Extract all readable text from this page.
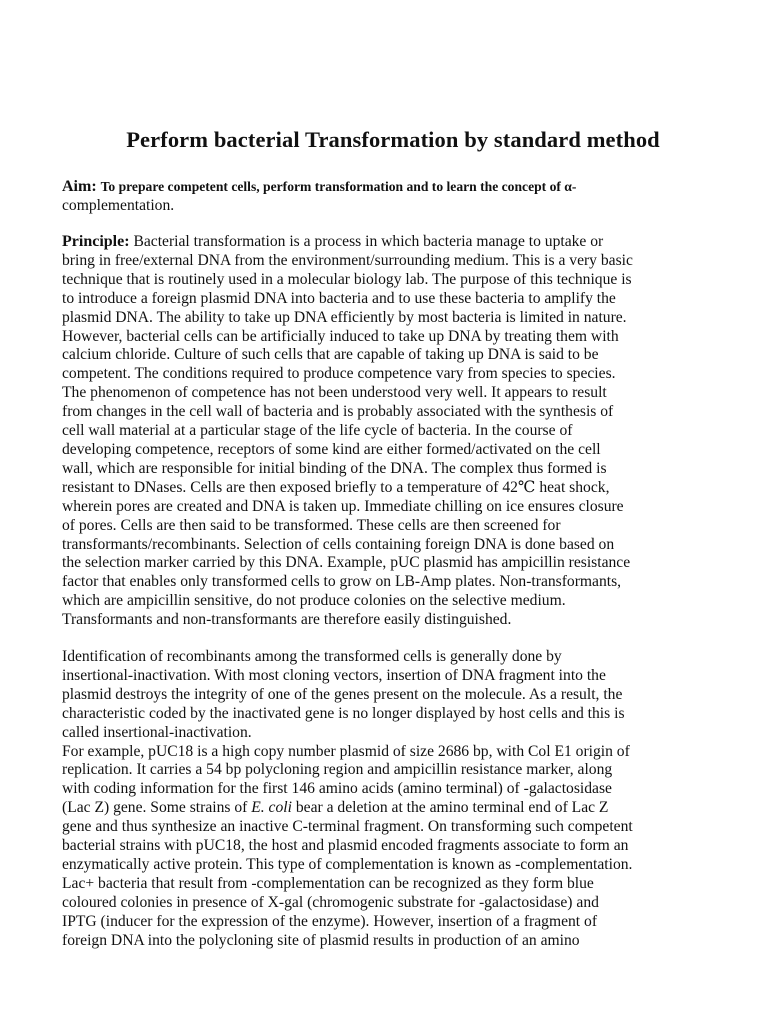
Perform bacterial Transformation by standard method
Aim: To prepare competent cells, perform transformation and to learn the concept of α-
complementation.
Principle: Bacterial transformation is a process in which bacteria manage to uptake or
bring in free/external DNA from the environment/surrounding medium. This is a very basic
technique that is routinely used in a molecular biology lab. The purpose of this technique is
to introduce a foreign plasmid DNA into bacteria and to use these bacteria to amplify the
plasmid DNA. The ability to take up DNA efficiently by most bacteria is limited in nature.
However, bacterial cells can be artificially induced to take up DNA by treating them with
calcium chloride. Culture of such cells that are capable of taking up DNA is said to be
competent. The conditions required to produce competence vary from species to species.
The phenomenon of competence has not been understood very well. It appears to result
from changes in the cell wall of bacteria and is probably associated with the synthesis of
cell wall material at a particular stage of the life cycle of bacteria. In the course of
developing competence, receptors of some kind are either formed/activated on the cell
wall, which are responsible for initial binding of the DNA. The complex thus formed is
resistant to DNases. Cells are then exposed briefly to a temperature of 42℃ heat shock,
wherein pores are created and DNA is taken up. Immediate chilling on ice ensures closure
of pores. Cells are then said to be transformed. These cells are then screened for
transformants/recombinants. Selection of cells containing foreign DNA is done based on
the selection marker carried by this DNA. Example, pUC plasmid has ampicillin resistance
factor that enables only transformed cells to grow on LB-Amp plates. Non-transformants,
which are ampicillin sensitive, do not produce colonies on the selective medium.
Transformants and non-transformants are therefore easily distinguished.
Identification of recombinants among the transformed cells is generally done by
insertional-inactivation. With most cloning vectors, insertion of DNA fragment into the
plasmid destroys the integrity of one of the genes present on the molecule. As a result, the
characteristic coded by the inactivated gene is no longer displayed by host cells and this is
called insertional-inactivation.
For example, pUC18 is a high copy number plasmid of size 2686 bp, with Col E1 origin of
replication. It carries a 54 bp polycloning region and ampicillin resistance marker, along
with coding information for the first 146 amino acids (amino terminal) of -galactosidase
(Lac Z) gene. Some strains of E. coli bear a deletion at the amino terminal end of Lac Z
gene and thus synthesize an inactive C-terminal fragment. On transforming such competent
bacterial strains with pUC18, the host and plasmid encoded fragments associate to form an
enzymatically active protein. This type of complementation is known as -complementation.
Lac+ bacteria that result from -complementation can be recognized as they form blue
coloured colonies in presence of X-gal (chromogenic substrate for -galactosidase) and
IPTG (inducer for the expression of the enzyme). However, insertion of a fragment of
foreign DNA into the polycloning site of plasmid results in production of an amino
